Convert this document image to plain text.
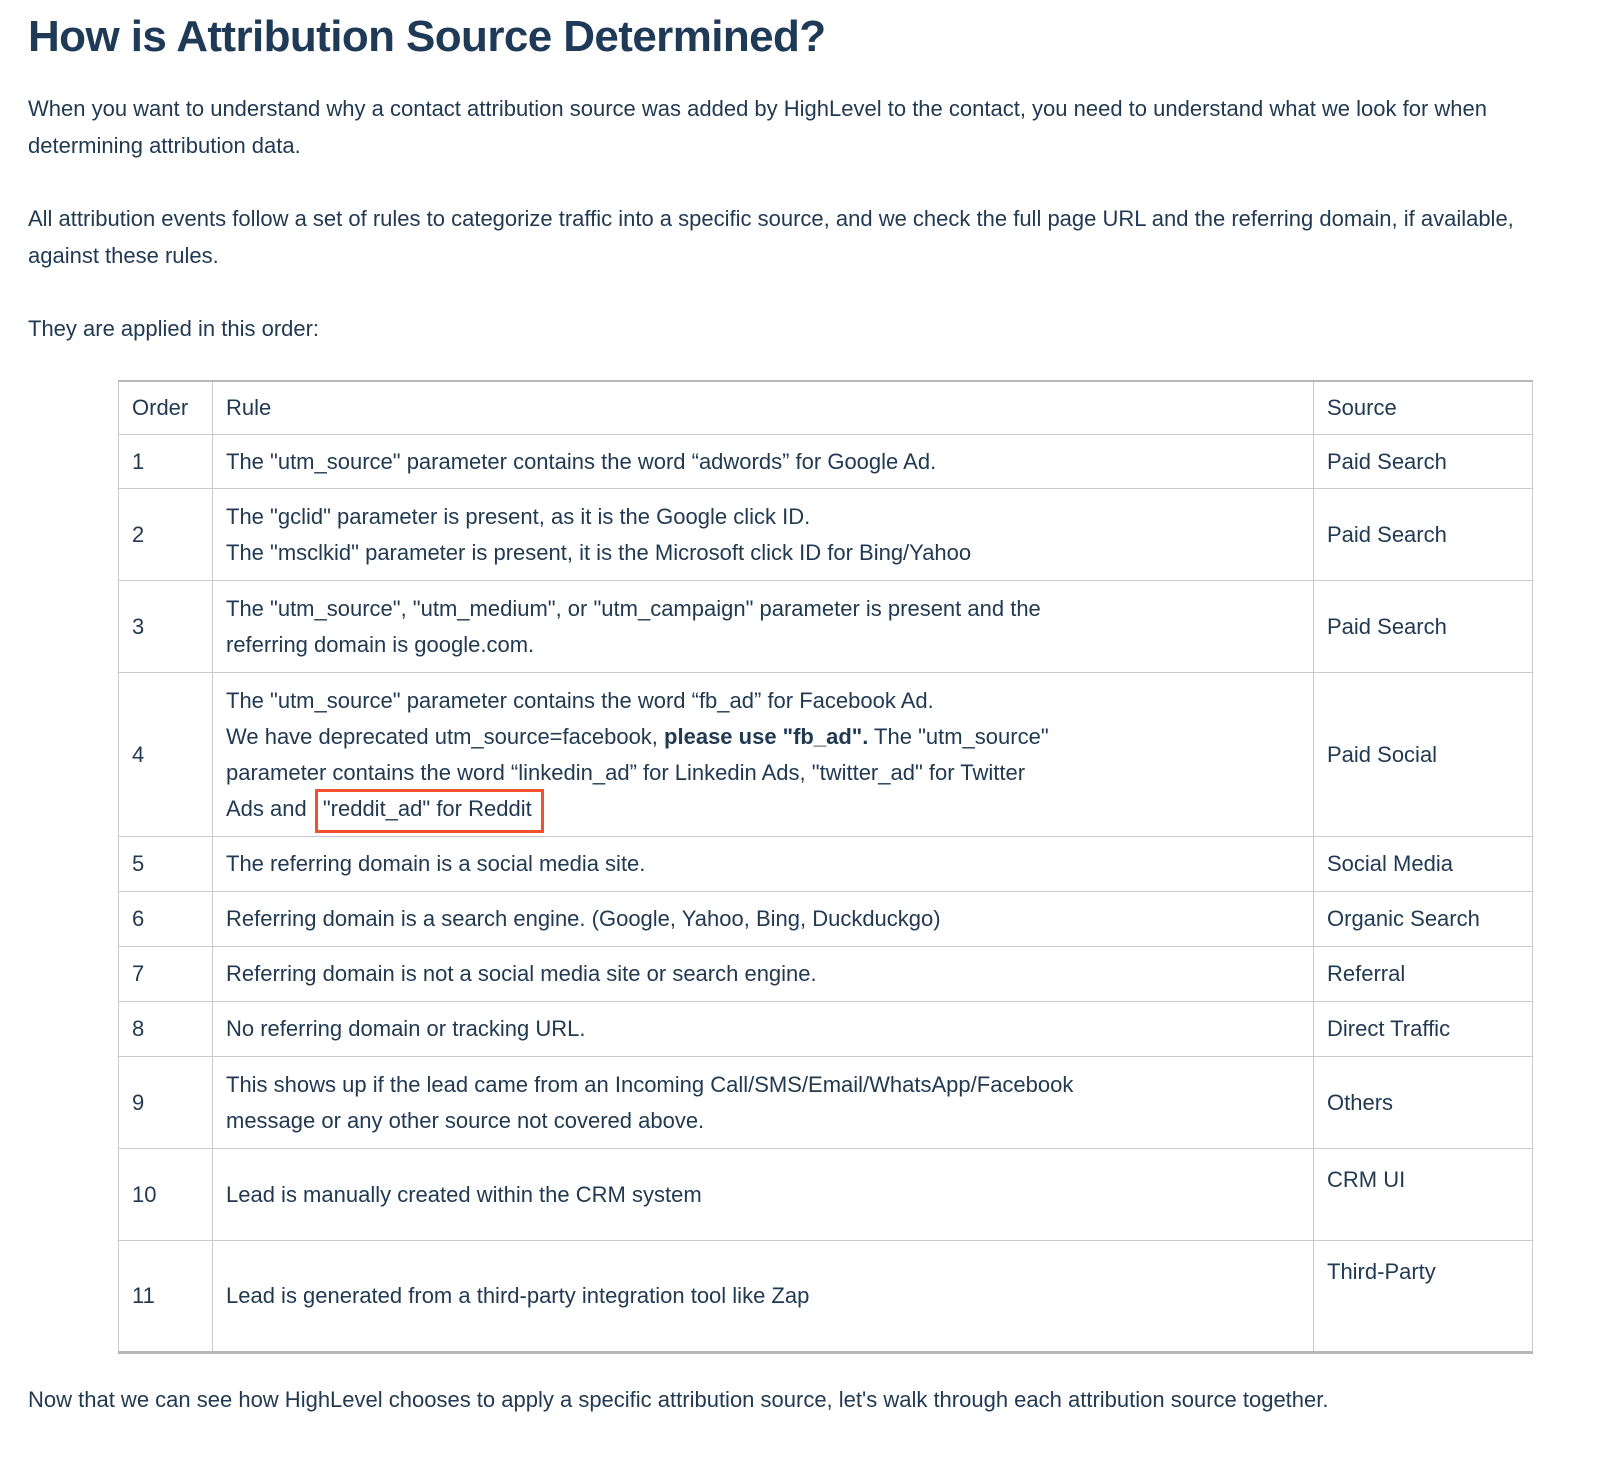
How is Attribution Source Determined?

When you want to understand why a contact attribution source was added by HighLevel to the contact, you need to understand what we look for when determining attribution data.

All attribution events follow a set of rules to categorize traffic into a specific source, and we check the full page URL and the referring domain, if available, against these rules.

They are applied in this order:

Order	Rule	Source
1	The "utm_source" parameter contains the word “adwords” for Google Ad.	Paid Search
2	The "gclid" parameter is present, as it is the Google click ID.
The "msclkid" parameter is present, it is the Microsoft click ID for Bing/Yahoo	Paid Search
3	The "utm_source", "utm_medium", or "utm_campaign" parameter is present and the
referring domain is google.com.	Paid Search
4	The "utm_source" parameter contains the word “fb_ad” for Facebook Ad.
We have deprecated utm_source=facebook, please use "fb_ad". The "utm_source"
parameter contains the word “linkedin_ad” for Linkedin Ads, "twitter_ad" for Twitter
Ads and "reddit_ad" for Reddit	Paid Social
5	The referring domain is a social media site.	Social Media
6	Referring domain is a search engine. (Google, Yahoo, Bing, Duckduckgo)	Organic Search
7	Referring domain is not a social media site or search engine.	Referral
8	No referring domain or tracking URL.	Direct Traffic
9	This shows up if the lead came from an Incoming Call/SMS/Email/WhatsApp/Facebook
message or any other source not covered above.	Others
10	Lead is manually created within the CRM system	CRM UI
11	Lead is generated from a third-party integration tool like Zap	Third-Party

Now that we can see how HighLevel chooses to apply a specific attribution source, let's walk through each attribution source together.
